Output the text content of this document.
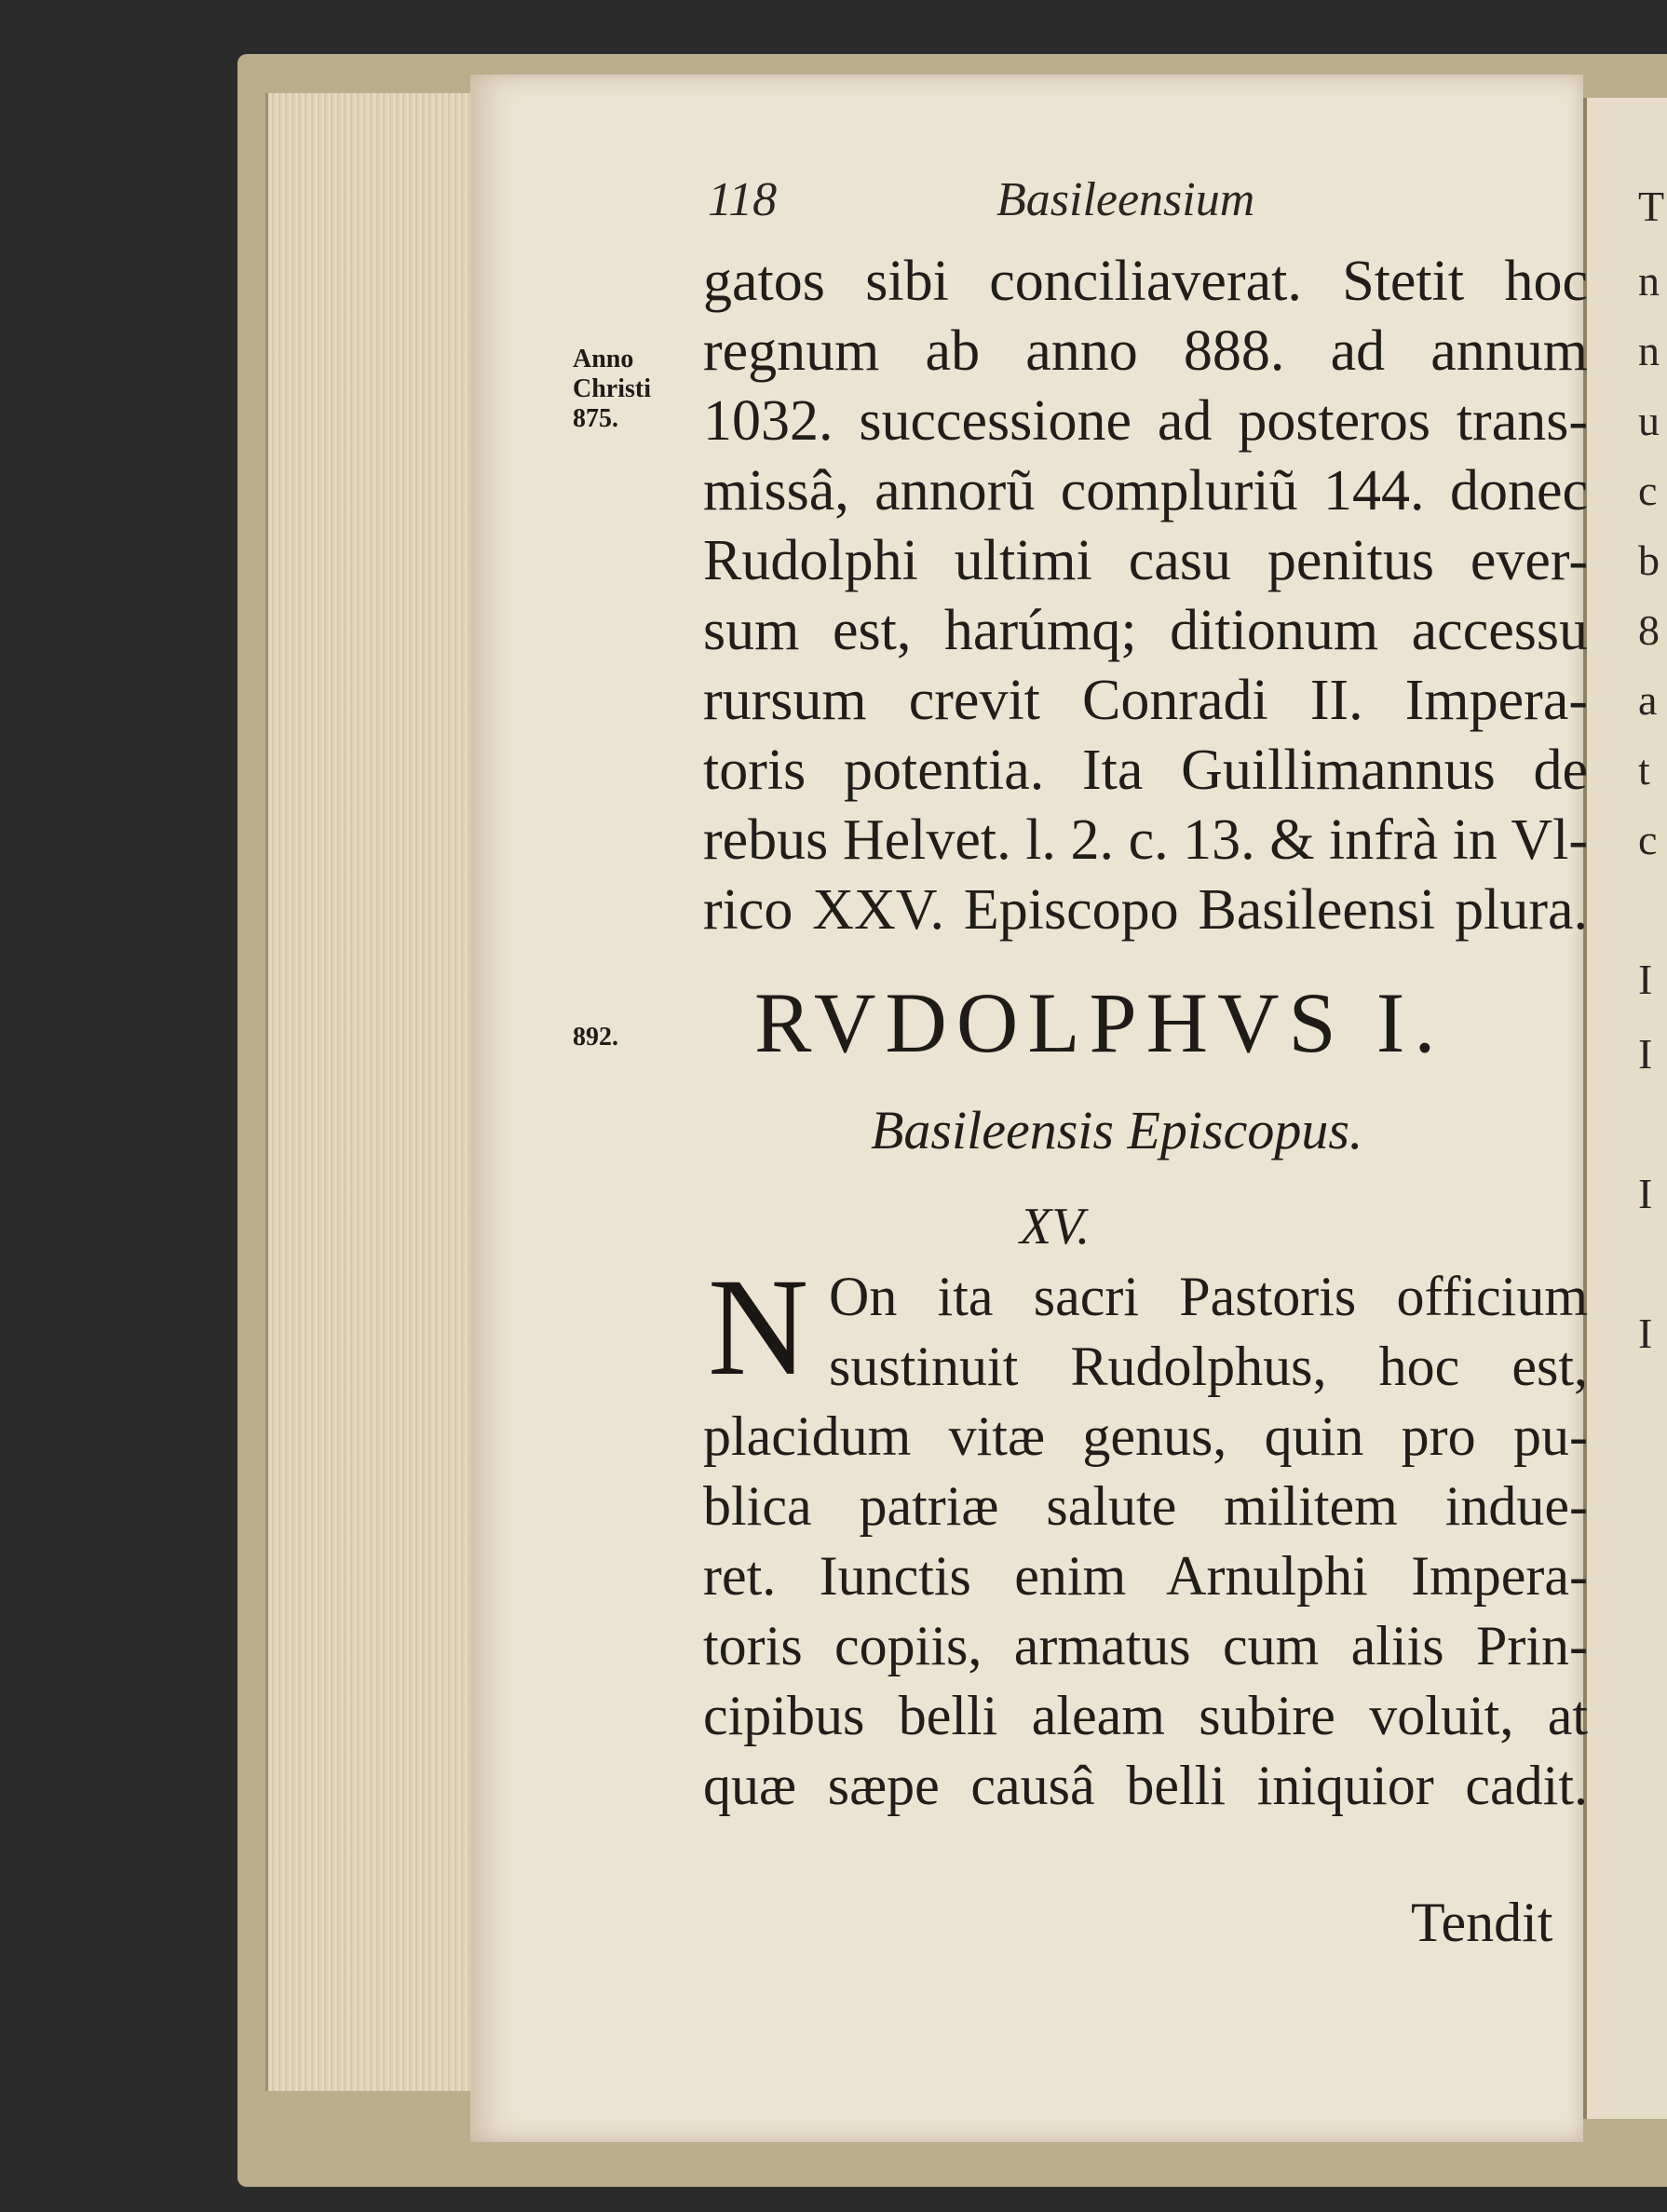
T
n
n
u
c
b
8
a
t
c
I
I
I
I
118	Basileensium
Anno
Christi
875.
892.
gatos sibi conciliaverat. Stetit hoc
regnum ab anno 888. ad annum
1032. successione ad posteros trans-
missâ, annorũ compluriũ 144. donec
Rudolphi ultimi casu penitus ever-
sum est, harúmq; ditionum accessu
rursum crevit Conradi II. Impera-
toris potentia. Ita Guillimannus de
rebus Helvet. l. 2. c. 13. & infrà in Vl-
rico XXV. Episcopo Basileensi plura.
RVDOLPHVS I.
Basileensis Episcopus.
XV.
N On ita sacri Pastoris officium
sustinuit Rudolphus, hoc est,
placidum vitæ genus, quin pro pu-
blica patriæ salute militem indue-
ret. Iunctis enim Arnulphi Impera-
toris copiis, armatus cum aliis Prin-
cipibus belli aleam subire voluit, at
quæ sæpe causâ belli iniquior cadit.
Tendit
